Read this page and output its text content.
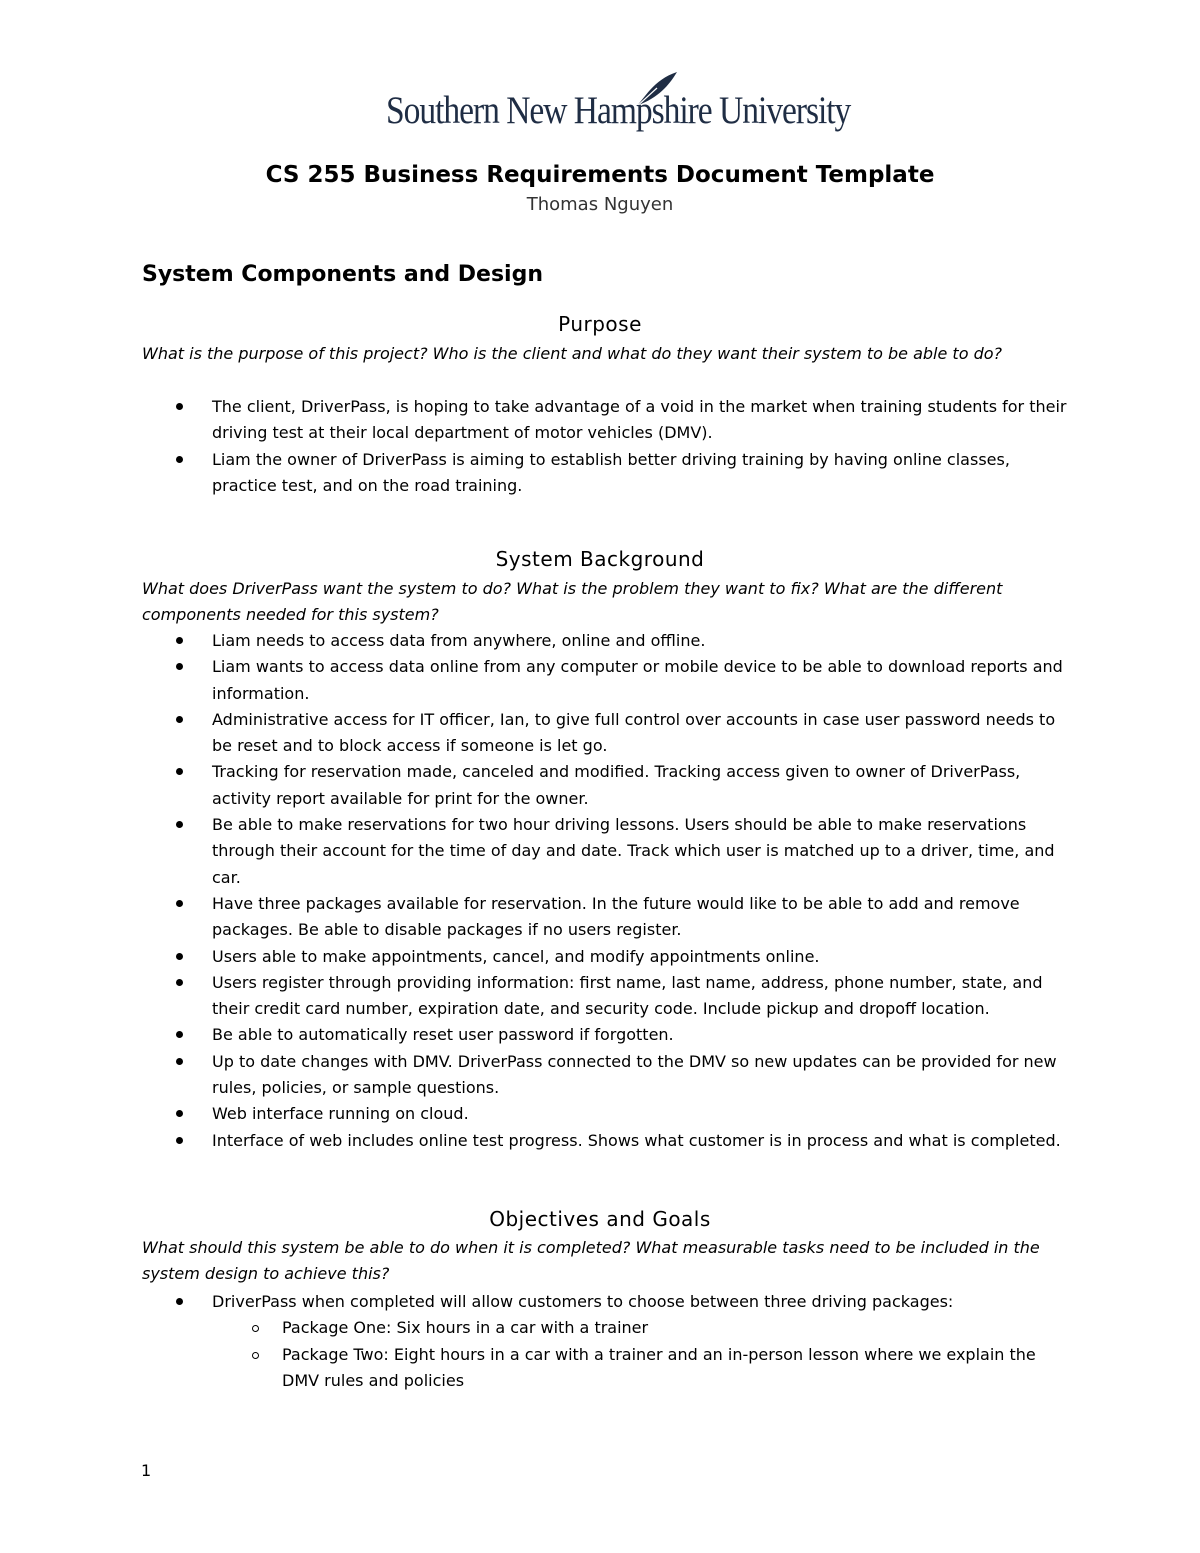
Southern New Hampshire University
CS 255 Business Requirements Document Template

Thomas Nguyen

System Components and Design
Purpose

What is the purpose of this project? Who is the client and what do they want their system to be able to do?

The client, DriverPass, is hoping to take advantage of a void in the market when training students for their driving test at their local department of motor vehicles (DMV).
Liam the owner of DriverPass is aiming to establish better driving training by having online classes, practice test, and on the road training.
System Background

What does DriverPass want the system to do? What is the problem they want to fix? What are the different components needed for this system?

Liam needs to access data from anywhere, online and offline.
Liam wants to access data online from any computer or mobile device to be able to download reports and information.
Administrative access for IT officer, Ian, to give full control over accounts in case user password needs to be reset and to block access if someone is let go.
Tracking for reservation made, canceled and modified. Tracking access given to owner of DriverPass, activity report available for print for the owner.
Be able to make reservations for two hour driving lessons. Users should be able to make reservations through their account for the time of day and date. Track which user is matched up to a driver, time, and car.
Have three packages available for reservation. In the future would like to be able to add and remove packages. Be able to disable packages if no users register.
Users able to make appointments, cancel, and modify appointments online.
Users register through providing information: first name, last name, address, phone number, state, and their credit card number, expiration date, and security code. Include pickup and dropoff location.
Be able to automatically reset user password if forgotten.
Up to date changes with DMV. DriverPass connected to the DMV so new updates can be provided for new rules, policies, or sample questions.
Web interface running on cloud.
Interface of web includes online test progress. Shows what customer is in process and what is completed.
Objectives and Goals

What should this system be able to do when it is completed? What measurable tasks need to be included in the system design to achieve this?

DriverPass when completed will allow customers to choose between three driving packages:
Package One: Six hours in a car with a trainer
Package Two: Eight hours in a car with a trainer and an in-person lesson where we explain the DMV rules and policies

1
